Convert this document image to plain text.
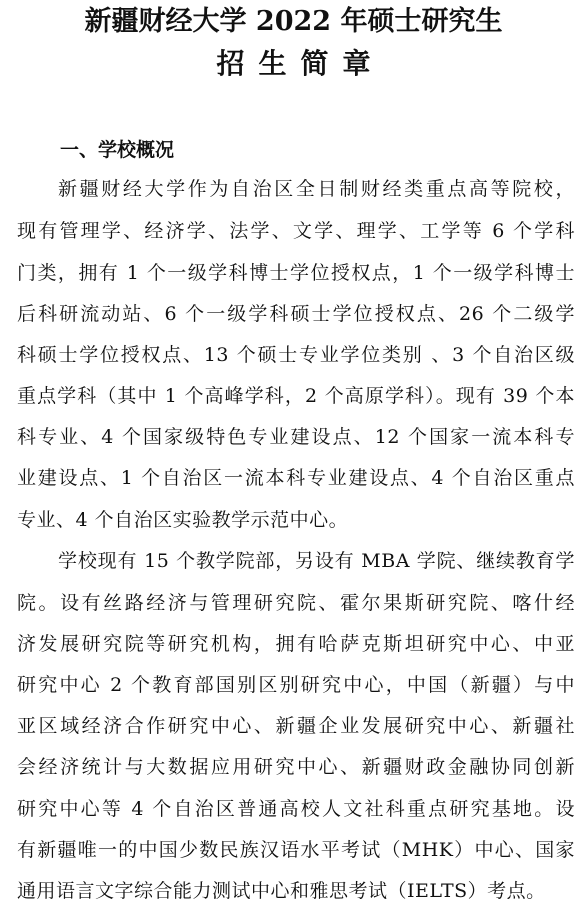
新疆财经大学 2022 年硕士研究生
招生简章
一、学校概况
新疆财经大学作为自治区全日制财经类重点高等院校，
现有管理学、经济学、法学、文学、理学、工学等 6 个学科
门类，拥有 1 个一级学科博士学位授权点，1 个一级学科博士
后科研流动站、6 个一级学科硕士学位授权点、26 个二级学
科硕士学位授权点、13 个硕士专业学位类别 、3 个自治区级
重点学科（其中 1 个高峰学科，2 个高原学科）。现有 39 个本
科专业、4 个国家级特色专业建设点、12 个国家一流本科专
业建设点、1 个自治区一流本科专业建设点、4 个自治区重点
专业、4 个自治区实验教学示范中心。
学校现有 15 个教学院部，另设有 MBA 学院、继续教育学
院。设有丝路经济与管理研究院、霍尔果斯研究院、喀什经
济发展研究院等研究机构，拥有哈萨克斯坦研究中心、中亚
研究中心 2 个教育部国别区别研究中心，中国（新疆）与中
亚区域经济合作研究中心、新疆企业发展研究中心、新疆社
会经济统计与大数据应用研究中心、新疆财政金融协同创新
研究中心等 4 个自治区普通高校人文社科重点研究基地。设
有新疆唯一的中国少数民族汉语水平考试（MHK）中心、国家
通用语言文字综合能力测试中心和雅思考试（IELTS）考点。
